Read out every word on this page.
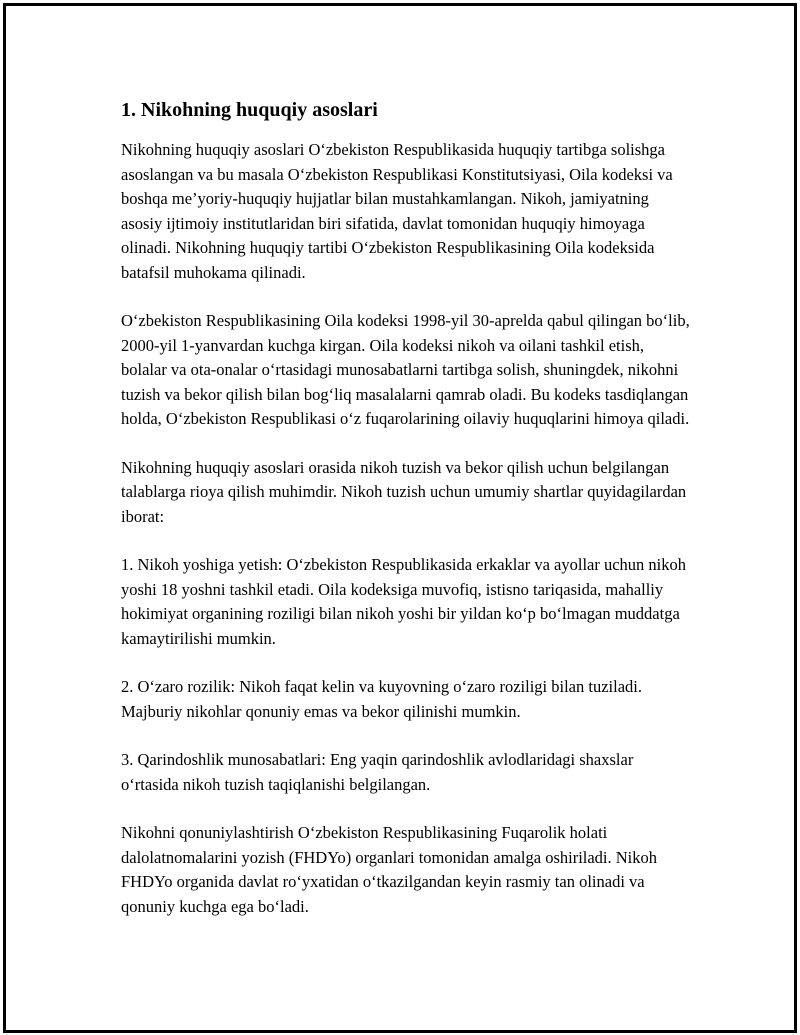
1. Nikohning huquqiy asoslari

Nikohning huquqiy asoslari O‘zbekiston Respublikasida huquqiy tartibga solishga asoslangan va bu masala O‘zbekiston Respublikasi Konstitutsiyasi, Oila kodeksi va boshqa me’yoriy-huquqiy hujjatlar bilan mustahkamlangan. Nikoh, jamiyatning asosiy ijtimoiy institutlaridan biri sifatida, davlat tomonidan huquqiy himoyaga olinadi. Nikohning huquqiy tartibi O‘zbekiston Respublikasining Oila kodeksida batafsil muhokama qilinadi.

O‘zbekiston Respublikasining Oila kodeksi 1998-yil 30-aprelda qabul qilingan bo‘lib, 2000-yil 1-yanvardan kuchga kirgan. Oila kodeksi nikoh va oilani tashkil etish, bolalar va ota-onalar o‘rtasidagi munosabatlarni tartibga solish, shuningdek, nikohni tuzish va bekor qilish bilan bog‘liq masalalarni qamrab oladi. Bu kodeks tasdiqlangan holda, O‘zbekiston Respublikasi o‘z fuqarolarining oilaviy huquqlarini himoya qiladi.

Nikohning huquqiy asoslari orasida nikoh tuzish va bekor qilish uchun belgilangan talablarga rioya qilish muhimdir. Nikoh tuzish uchun umumiy shartlar quyidagilardan iborat:

1. Nikoh yoshiga yetish: O‘zbekiston Respublikasida erkaklar va ayollar uchun nikoh yoshi 18 yoshni tashkil etadi. Oila kodeksiga muvofiq, istisno tariqasida, mahalliy hokimiyat organining roziligi bilan nikoh yoshi bir yildan ko‘p bo‘lmagan muddatga kamaytirilishi mumkin.

2. O‘zaro rozilik: Nikoh faqat kelin va kuyovning o‘zaro roziligi bilan tuziladi. Majburiy nikohlar qonuniy emas va bekor qilinishi mumkin.

3. Qarindoshlik munosabatlari: Eng yaqin qarindoshlik avlodlaridagi shaxslar o‘rtasida nikoh tuzish taqiqlanishi belgilangan.

Nikohni qonuniylashtirish O‘zbekiston Respublikasining Fuqarolik holati dalolatnomalarini yozish (FHDYo) organlari tomonidan amalga oshiriladi. Nikoh FHDYo organida davlat ro‘yxatidan o‘tkazilgandan keyin rasmiy tan olinadi va qonuniy kuchga ega bo‘ladi.
